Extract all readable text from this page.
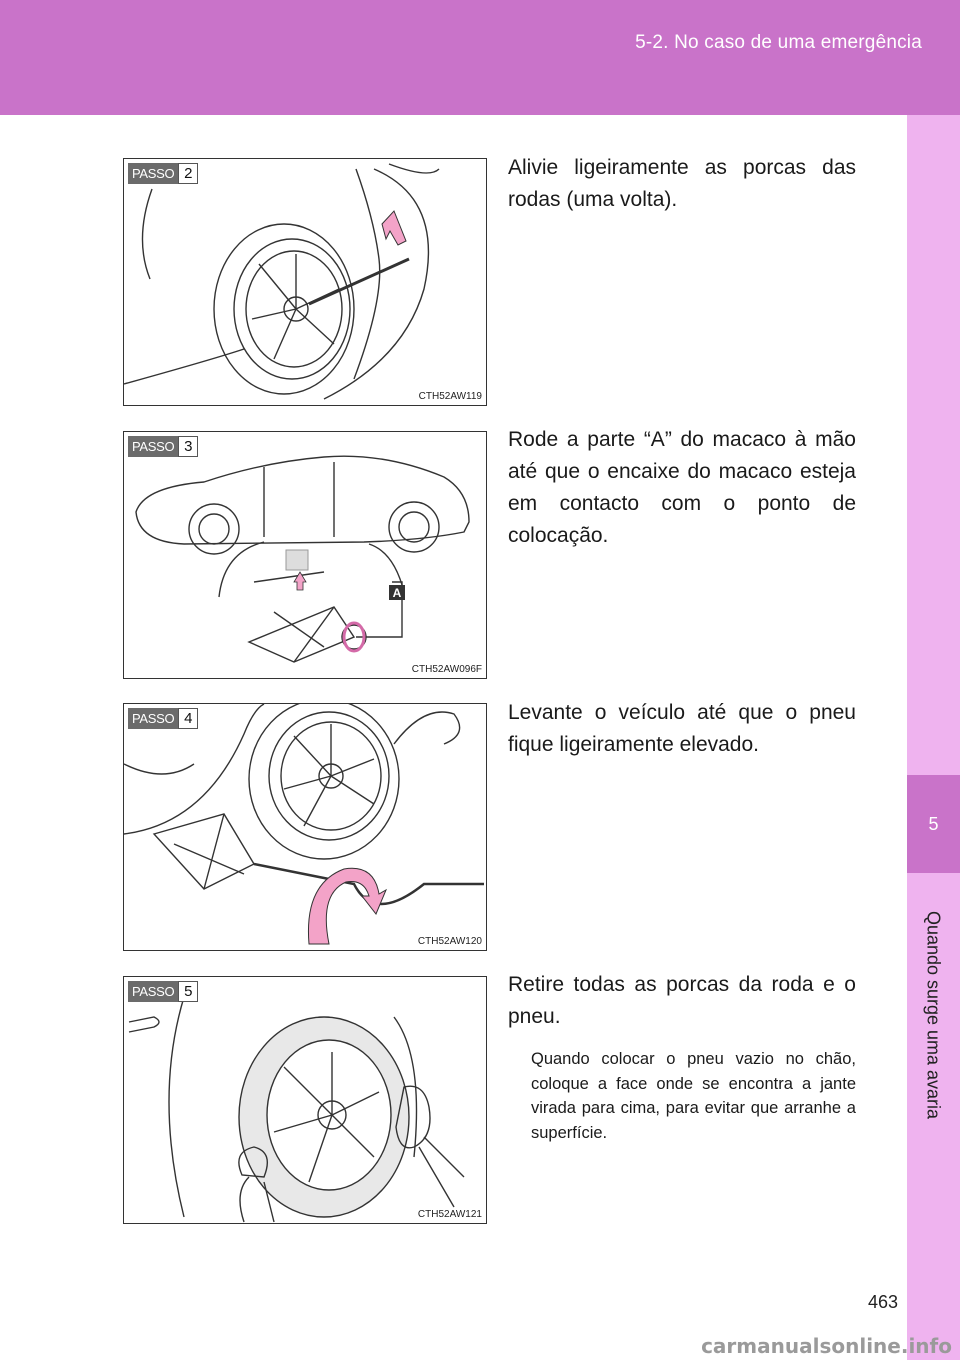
5-2. No caso de uma emergência
5
Quando surge uma avaria
PASSO 2
CTH52AW119
Alivie ligeiramente as porcas das rodas (uma volta).
PASSO 3
A
CTH52AW096F
Rode a parte “A” do macaco à mão até que o encaixe do macaco esteja em contacto com o ponto de colocação.
PASSO 4
CTH52AW120
Levante o veículo até que o pneu fique ligeiramente elevado.
PASSO 5
CTH52AW121
Retire todas as porcas da roda e o pneu.
Quando colocar o pneu vazio no chão, coloque a face onde se encontra a jante virada para cima, para evitar que arranhe a superfície.
463
carmanualsonline.info
